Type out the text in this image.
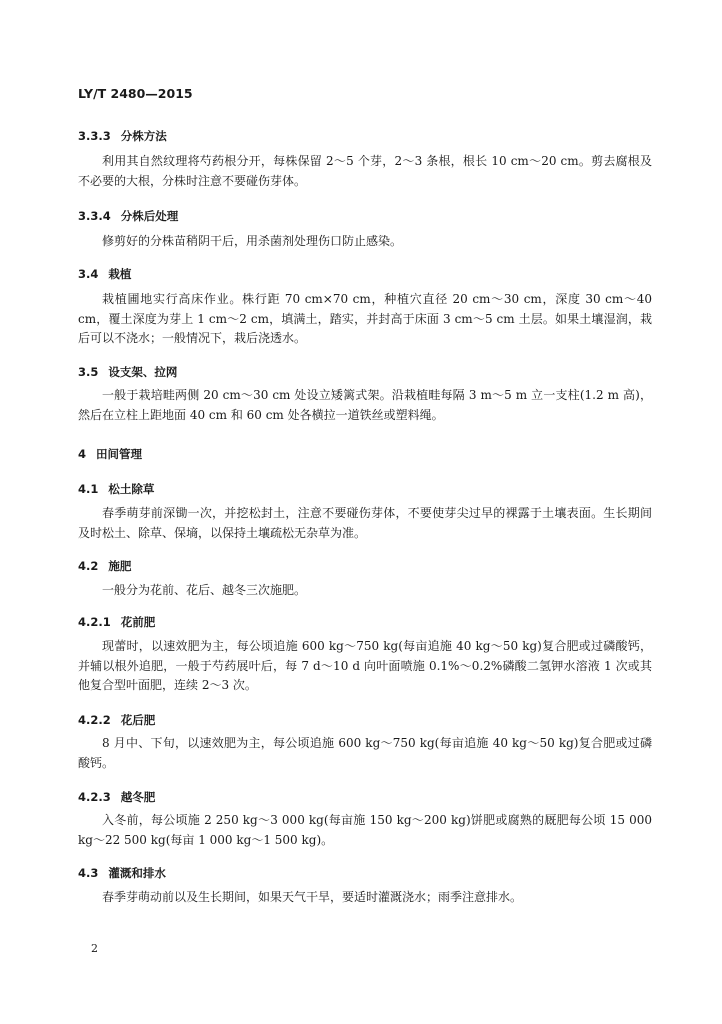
LY/T 2480—2015
3.3.3 分株方法

利用其自然纹理将芍药根分开，每株保留 2～5 个芽，2～3 条根，根长 10 cm～20 cm。剪去腐根及不必要的大根，分株时注意不要碰伤芽体。

3.3.4 分株后处理

修剪好的分株苗稍阴干后，用杀菌剂处理伤口防止感染。

3.4 栽植

栽植圃地实行高床作业。株行距 70 cm×70 cm，种植穴直径 20 cm～30 cm，深度 30 cm～40 cm，覆土深度为芽上 1 cm～2 cm，填满土，踏实，并封高于床面 3 cm～5 cm 土层。如果土壤湿润，栽后可以不浇水；一般情况下，栽后浇透水。

3.5 设支架、拉网

一般于栽培畦两侧 20 cm～30 cm 处设立矮篱式架。沿栽植畦每隔 3 m～5 m 立一支柱(1.2 m 高)，然后在立柱上距地面 40 cm 和 60 cm 处各横拉一道铁丝或塑料绳。

4 田间管理
4.1 松土除草

春季萌芽前深锄一次，并挖松封土，注意不要碰伤芽体，不要使芽尖过早的裸露于土壤表面。生长期间及时松土、除草、保墒，以保持土壤疏松无杂草为准。

4.2 施肥

一般分为花前、花后、越冬三次施肥。

4.2.1 花前肥

现蕾时，以速效肥为主，每公顷追施 600 kg～750 kg(每亩追施 40 kg～50 kg)复合肥或过磷酸钙，并辅以根外追肥，一般于芍药展叶后，每 7 d～10 d 向叶面喷施 0.1%～0.2%磷酸二氢钾水溶液 1 次或其他复合型叶面肥，连续 2～3 次。

4.2.2 花后肥

8 月中、下旬，以速效肥为主，每公顷追施 600 kg～750 kg(每亩追施 40 kg～50 kg)复合肥或过磷酸钙。

4.2.3 越冬肥

入冬前，每公顷施 2 250 kg～3 000 kg(每亩施 150 kg～200 kg)饼肥或腐熟的厩肥每公顷 15 000 kg～22 500 kg(每亩 1 000 kg～1 500 kg)。

4.3 灌溉和排水

春季芽萌动前以及生长期间，如果天气干旱，要适时灌溉浇水；雨季注意排水。

2
